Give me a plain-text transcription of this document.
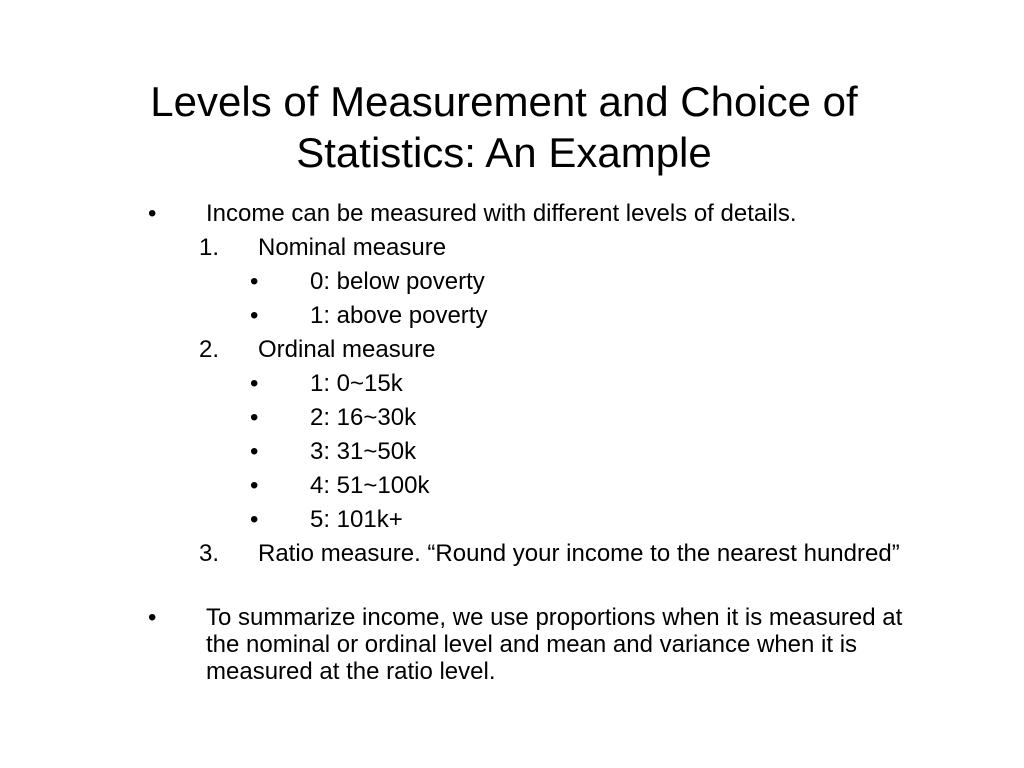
Levels of Measurement and Choice of
Statistics: An Example
• Income can be measured with different levels of details.
1. Nominal measure
• 0: below poverty
• 1: above poverty
2. Ordinal measure
• 1: 0~15k
• 2: 16~30k
• 3: 31~50k
• 4: 51~100k
• 5: 101k+
3. Ratio measure. “Round your income to the nearest hundred”
• To summarize income, we use proportions when it is measured at the nominal or ordinal level and mean and variance when it is measured at the ratio level.
